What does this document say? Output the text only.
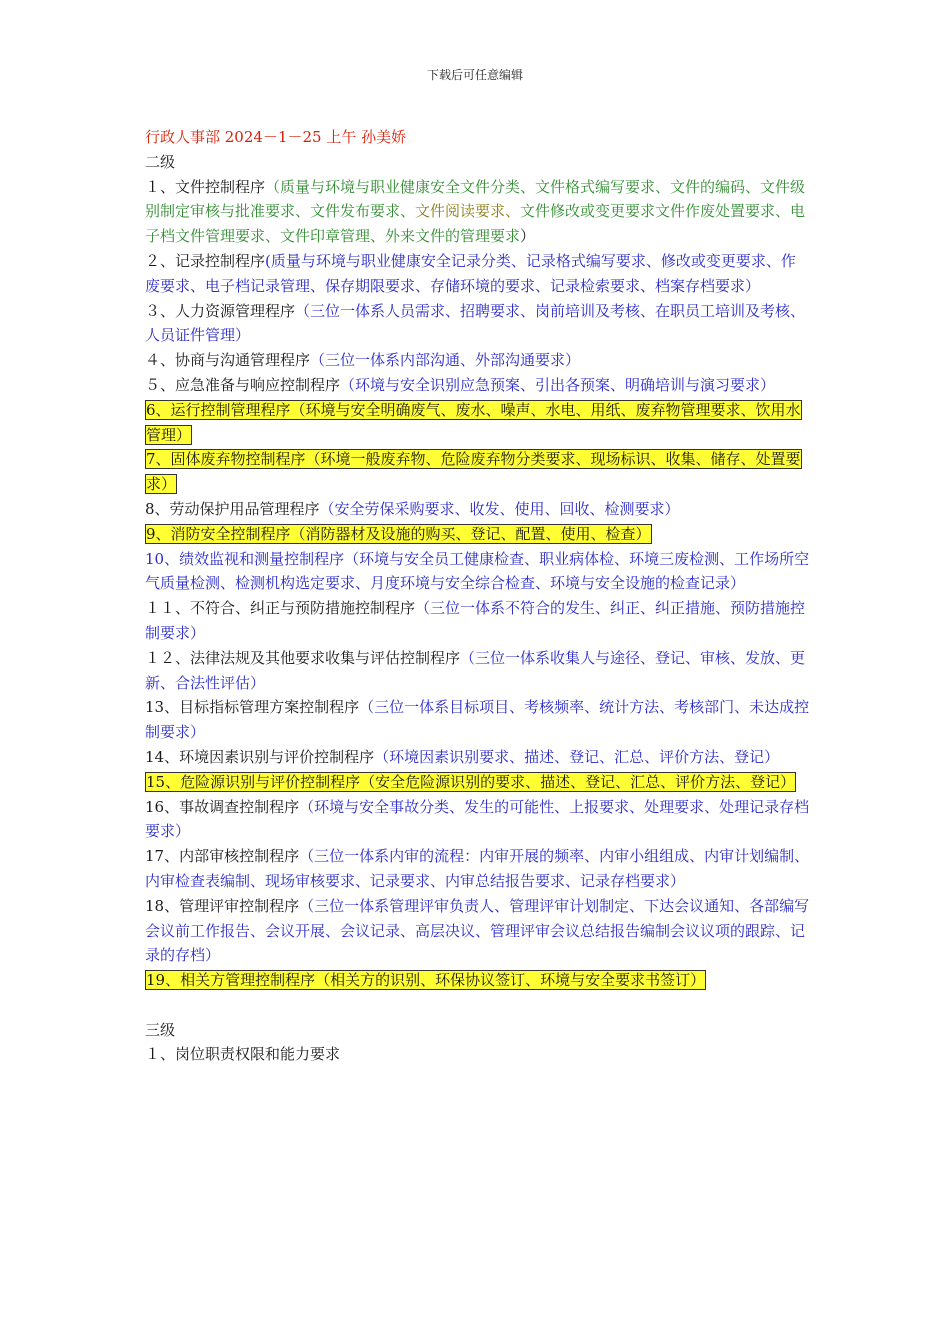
下载后可任意编辑

行政人事部 2024－1－25 上午 孙美娇

二级

１、文件控制程序（质量与环境与职业健康安全文件分类、文件格式编写要求、文件的编码、文件级别制定审核与批准要求、文件发布要求、文件阅读要求、文件修改或变更要求文件作废处置要求、电子档文件管理要求、文件印章管理、外来文件的管理要求）

２、记录控制程序(质量与环境与职业健康安全记录分类、记录格式编写要求、修改或变更要求、作废要求、电子档记录管理、保存期限要求、存储环境的要求、记录检索要求、档案存档要求）

３、人力资源管理程序（三位一体系人员需求、招聘要求、岗前培训及考核、在职员工培训及考核、人员证件管理）

４、协商与沟通管理程序（三位一体系内部沟通、外部沟通要求）

５、应急准备与响应控制程序（环境与安全识别应急预案、引出各预案、明确培训与演习要求）

6、运行控制管理程序（环境与安全明确废气、废水、噪声、水电、用纸、废弃物管理要求、饮用水管理）

7、固体废弃物控制程序（环境一般废弃物、危险废弃物分类要求、现场标识、收集、储存、处置要求）

8、劳动保护用品管理程序（安全劳保采购要求、收发、使用、回收、检测要求）

9、消防安全控制程序（消防器材及设施的购买、登记、配置、使用、检查）

10、绩效监视和测量控制程序（环境与安全员工健康检查、职业病体检、环境三废检测、工作场所空气质量检测、检测机构选定要求、月度环境与安全综合检查、环境与安全设施的检查记录）

１１、不符合、纠正与预防措施控制程序（三位一体系不符合的发生、纠正、纠正措施、预防措施控制要求）

１２、法律法规及其他要求收集与评估控制程序（三位一体系收集人与途径、登记、审核、发放、更新、合法性评估）

13、目标指标管理方案控制程序（三位一体系目标项目、考核频率、统计方法、考核部门、未达成控制要求）

14、环境因素识别与评价控制程序（环境因素识别要求、描述、登记、汇总、评价方法、登记）

15、危险源识别与评价控制程序（安全危险源识别的要求、描述、登记、汇总、评价方法、登记）

16、事故调查控制程序（环境与安全事故分类、发生的可能性、上报要求、处理要求、处理记录存档要求）

17、内部审核控制程序（三位一体系内审的流程：内审开展的频率、内审小组组成、内审计划编制、内审检查表编制、现场审核要求、记录要求、内审总结报告要求、记录存档要求）

18、管理评审控制程序（三位一体系管理评审负责人、管理评审计划制定、下达会议通知、各部编写会议前工作报告、会议开展、会议记录、高层决议、管理评审会议总结报告编制会议议项的跟踪、记录的存档）

19、相关方管理控制程序（相关方的识别、环保协议签订、环境与安全要求书签订）

三级

１、岗位职责权限和能力要求
